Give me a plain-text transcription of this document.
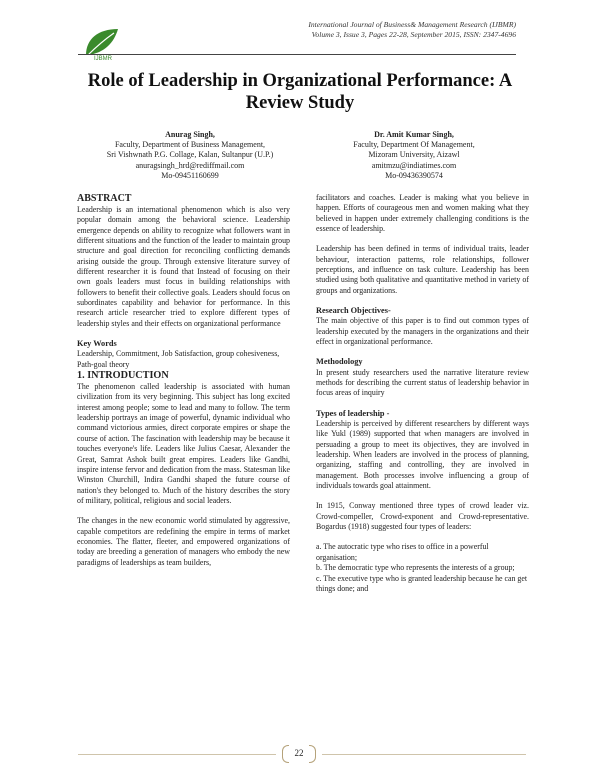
IJBMR
International Journal of Business& Management Research (IJBMR)
Volume 3, Issue 3, Pages 22-28, September 2015, ISSN: 2347-4696
Role of Leadership in Organizational Performance: A
Review Study
Anurag Singh,
Faculty, Department of Business Management,
Sri Vishwnath P.G. Collage, Kalan, Sultanpur (U.P.)
anuragsingh_hrd@rediffmail.com
Mo-09451160699
Dr. Amit Kumar Singh,
Faculty, Department Of Management,
Mizoram University, Aizawl
amitmzu@indiatimes.com
Mo-09436390574

ABSTRACT

Leadership is an international phenomenon which is also very popular domain among the behavioral science. Leadership emergence depends on ability to recognize what followers want in different situations and the function of the leader to maintain group structure and goal direction for reconciling conflicting demands arising outside the group. Through extensive literature survey of different researcher it is found that Instead of focusing on their own goals leaders must focus in building relationships with followers to benefit their collective goals. Leaders should focus on subordinates capability and behavior for performance. In this research article researcher tried to explore different types of leadership styles and their effects on organizational performance

Key Words

Leadership, Commitment, Job Satisfaction, group cohesiveness, Path-goal theory

1. INTRODUCTION

The phenomenon called leadership is associated with human civilization from its very beginning. This subject has long excited interest among people; some to lead and many to follow. The term leadership portrays an image of powerful, dynamic individual who command victorious armies, direct corporate empires or shape the course of action. The fascination with leadership may be because it touches everyone's life. Leaders like Julius Caesar, Alexander the Great, Samrat Ashok built great empires. Leaders like Gandhi, inspire intense fervor and dedication from the mass. Statesman like Winston Churchill, Indira Gandhi shaped the future course of nation's they belonged to. Much of the history describes the story of military, political, religious and social leaders.

The changes in the new economic world stimulated by aggressive, capable competitors are redefining the empire in terms of market economies. The flatter, fleeter, and empowered organizations of today are breeding a generation of managers who embody the new paradigms of leaderships as team builders,

facilitators and coaches. Leader is making what you believe in happen. Efforts of courageous men and women making what they believed in happen under extremely challenging conditions is the essence of leadership.

Leadership has been defined in terms of individual traits, leader behaviour, interaction patterns, role relationships, follower perceptions, and influence on task culture. Leadership has been studied using both qualitative and quantitative method in variety of groups and organizations.

Research Objectives-

The main objective of this paper is to find out common types of leadership executed by the managers in the organizations and their effect in organizational performance.

Methodology

In present study researchers used the narrative literature review methods for describing the current status of leadership behavior in focus areas of inquiry

Types of leadership -

Leadership is perceived by different researchers by different ways like Yukl (1989) supported that when managers are involved in persuading a group to meet its objectives, they are involved in leadership. When leaders are involved in the process of planning, organizing, staffing and controlling, they are involved in management. Both processes involve influencing a group of individuals towards goal attainment.

In 1915, Conway mentioned three types of crowd leader viz. Crowd-compeller, Crowd-exponent and Crowd-representative. Bogardus (1918) suggested four types of leaders:

a. The autocratic type who rises to office in a powerful organisation;

b. The democratic type who represents the interests of a group;

c. The executive type who is granted leadership because he can get things done; and

22
